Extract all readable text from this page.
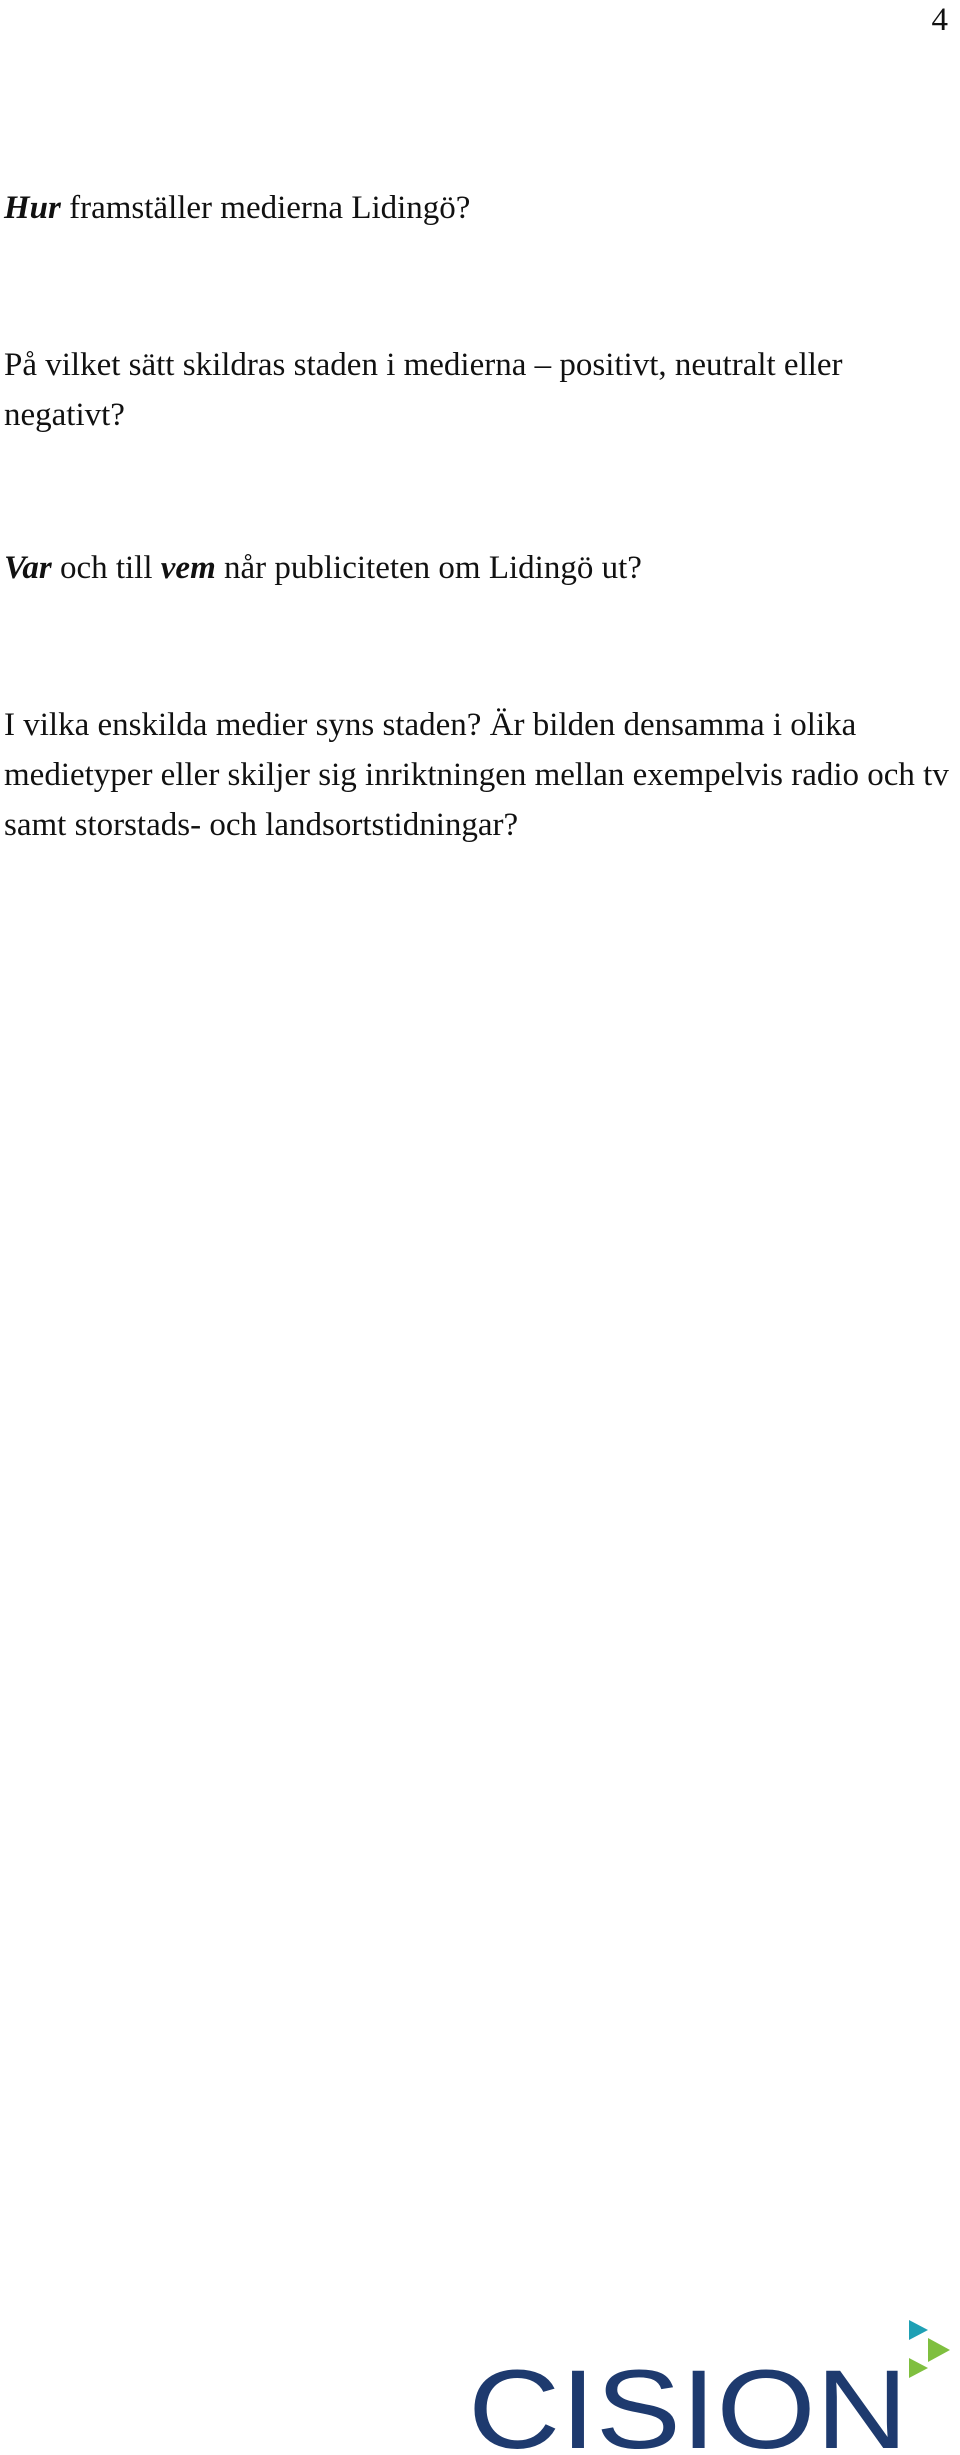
4

Hur framställer medierna Lidingö?

På vilket sätt skildras staden i medierna – positivt, neutralt eller negativt?

Var och till vem når publiciteten om Lidingö ut?

I vilka enskilda medier syns staden? Är bilden densamma i olika medietyper eller skiljer sig inriktningen mellan exempelvis radio och tv samt storstads- och landsortstidningar?

CISION
